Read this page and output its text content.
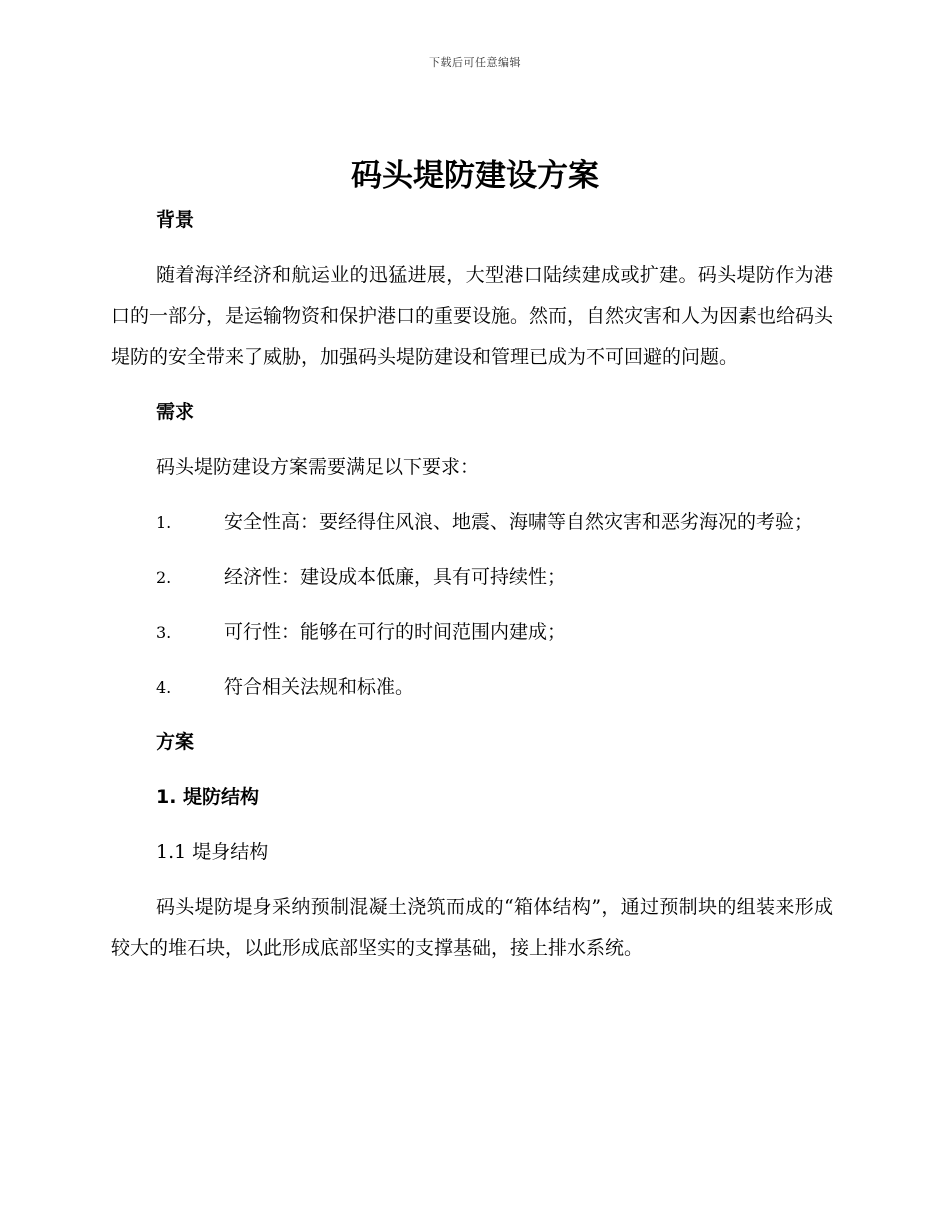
下载后可任意编辑
码头堤防建设方案
背景

随着海洋经济和航运业的迅猛进展，大型港口陆续建成或扩建。码头堤防作为港口的一部分，是运输物资和保护港口的重要设施。然而，自然灾害和人为因素也给码头堤防的安全带来了威胁，加强码头堤防建设和管理已成为不可回避的问题。

需求

码头堤防建设方案需要满足以下要求：

1.	安全性高：要经得住风浪、地震、海啸等自然灾害和恶劣海况的考验；

2.	经济性：建设成本低廉，具有可持续性；

3.	可行性：能够在可行的时间范围内建成；

4.	符合相关法规和标准。

方案
1. 堤防结构
1.1 堤身结构

码头堤防堤身采纳预制混凝土浇筑而成的“箱体结构”，通过预制块的组装来形成较大的堆石块，以此形成底部坚实的支撑基础，接上排水系统。
